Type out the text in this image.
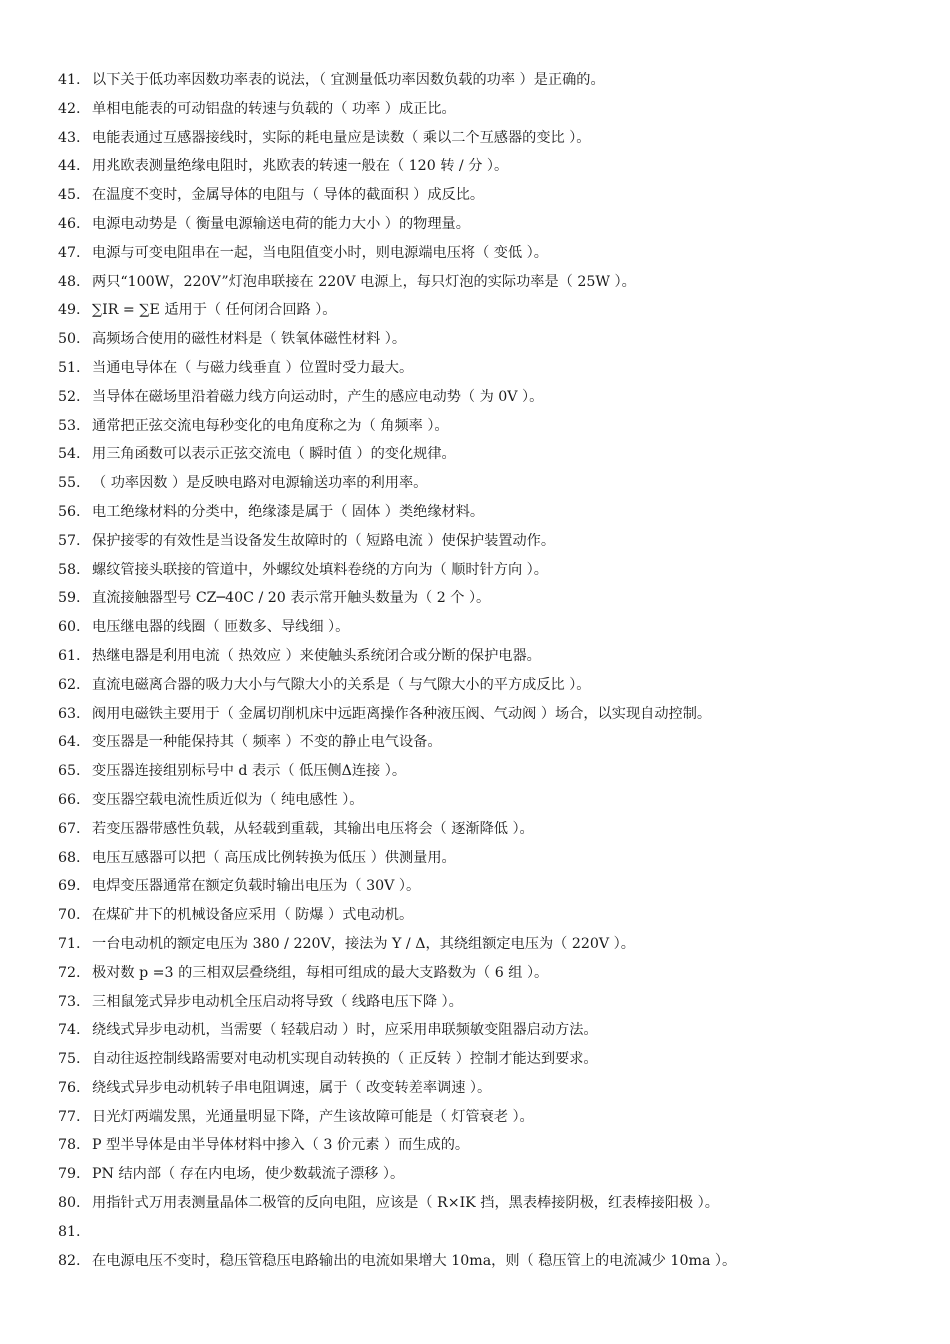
41. 以下关于低功率因数功率表的说法，（ 宜测量低功率因数负载的功率 ）是正确的。
42. 单相电能表的可动铝盘的转速与负载的（ 功率 ）成正比。
43. 电能表通过互感器接线时，实际的耗电量应是读数（ 乘以二个互感器的变比 ）。
44. 用兆欧表测量绝缘电阻时，兆欧表的转速一般在（ 120 转 / 分 ）。
45. 在温度不变时，金属导体的电阻与（ 导体的截面积 ）成反比。
46. 电源电动势是（ 衡量电源输送电荷的能力大小 ）的物理量。
47. 电源与可变电阻串在一起，当电阻值变小时，则电源端电压将（ 变低 ）。
48. 两只“100W，220V”灯泡串联接在 220V 电源上，每只灯泡的实际功率是（ 25W ）。
49. ∑IR = ∑E 适用于（ 任何闭合回路 ）。
50. 高频场合使用的磁性材料是（ 铁氧体磁性材料 ）。
51. 当通电导体在（ 与磁力线垂直 ）位置时受力最大。
52. 当导体在磁场里沿着磁力线方向运动时，产生的感应电动势（ 为 0V ）。
53. 通常把正弦交流电每秒变化的电角度称之为（ 角频率 ）。
54. 用三角函数可以表示正弦交流电（ 瞬时值 ）的变化规律。
55. （ 功率因数 ）是反映电路对电源输送功率的利用率。
56. 电工绝缘材料的分类中，绝缘漆是属于（ 固体 ）类绝缘材料。
57. 保护接零的有效性是当设备发生故障时的（ 短路电流 ）使保护装置动作。
58. 螺纹管接头联接的管道中，外螺纹处填料卷绕的方向为（ 顺时针方向 ）。
59. 直流接触器型号 CZ─40C / 20 表示常开触头数量为（ 2 个 ）。
60. 电压继电器的线圈（ 匝数多、导线细 ）。
61. 热继电器是利用电流（ 热效应 ）来使触头系统闭合或分断的保护电器。
62. 直流电磁离合器的吸力大小与气隙大小的关系是（ 与气隙大小的平方成反比 ）。
63. 阀用电磁铁主要用于（ 金属切削机床中远距离操作各种液压阀、气动阀 ）场合，以实现自动控制。
64. 变压器是一种能保持其（ 频率 ）不变的静止电气设备。
65. 变压器连接组别标号中 d 表示（ 低压侧Δ连接 ）。
66. 变压器空载电流性质近似为（ 纯电感性 ）。
67. 若变压器带感性负载，从轻载到重载，其输出电压将会（ 逐渐降低 ）。
68. 电压互感器可以把（ 高压成比例转换为低压 ）供测量用。
69. 电焊变压器通常在额定负载时输出电压为（ 30V ）。
70. 在煤矿井下的机械设备应采用（ 防爆 ）式电动机。
71. 一台电动机的额定电压为 380 / 220V，接法为 Y / Δ，其绕组额定电压为（ 220V ）。
72. 极对数 p =3 的三相双层叠绕组，每相可组成的最大支路数为（ 6 组 ）。
73. 三相鼠笼式异步电动机全压启动将导致（ 线路电压下降 ）。
74. 绕线式异步电动机，当需要（ 轻载启动 ）时，应采用串联频敏变阻器启动方法。
75. 自动往返控制线路需要对电动机实现自动转换的（ 正反转 ）控制才能达到要求。
76. 绕线式异步电动机转子串电阻调速，属于（ 改变转差率调速 ）。
77. 日光灯两端发黑，光通量明显下降，产生该故障可能是（ 灯管衰老 ）。
78. P 型半导体是由半导体材料中掺入（ 3 价元素 ）而生成的。
79. PN 结内部（ 存在内电场，使少数载流子漂移 ）。
80. 用指针式万用表测量晶体二极管的反向电阻，应该是（ R×IK 挡，黑表棒接阴极，红表棒接阳极 ）。
81.
82. 在电源电压不变时，稳压管稳压电路输出的电流如果增大 10ma，则（ 稳压管上的电流减少 10ma ）。
